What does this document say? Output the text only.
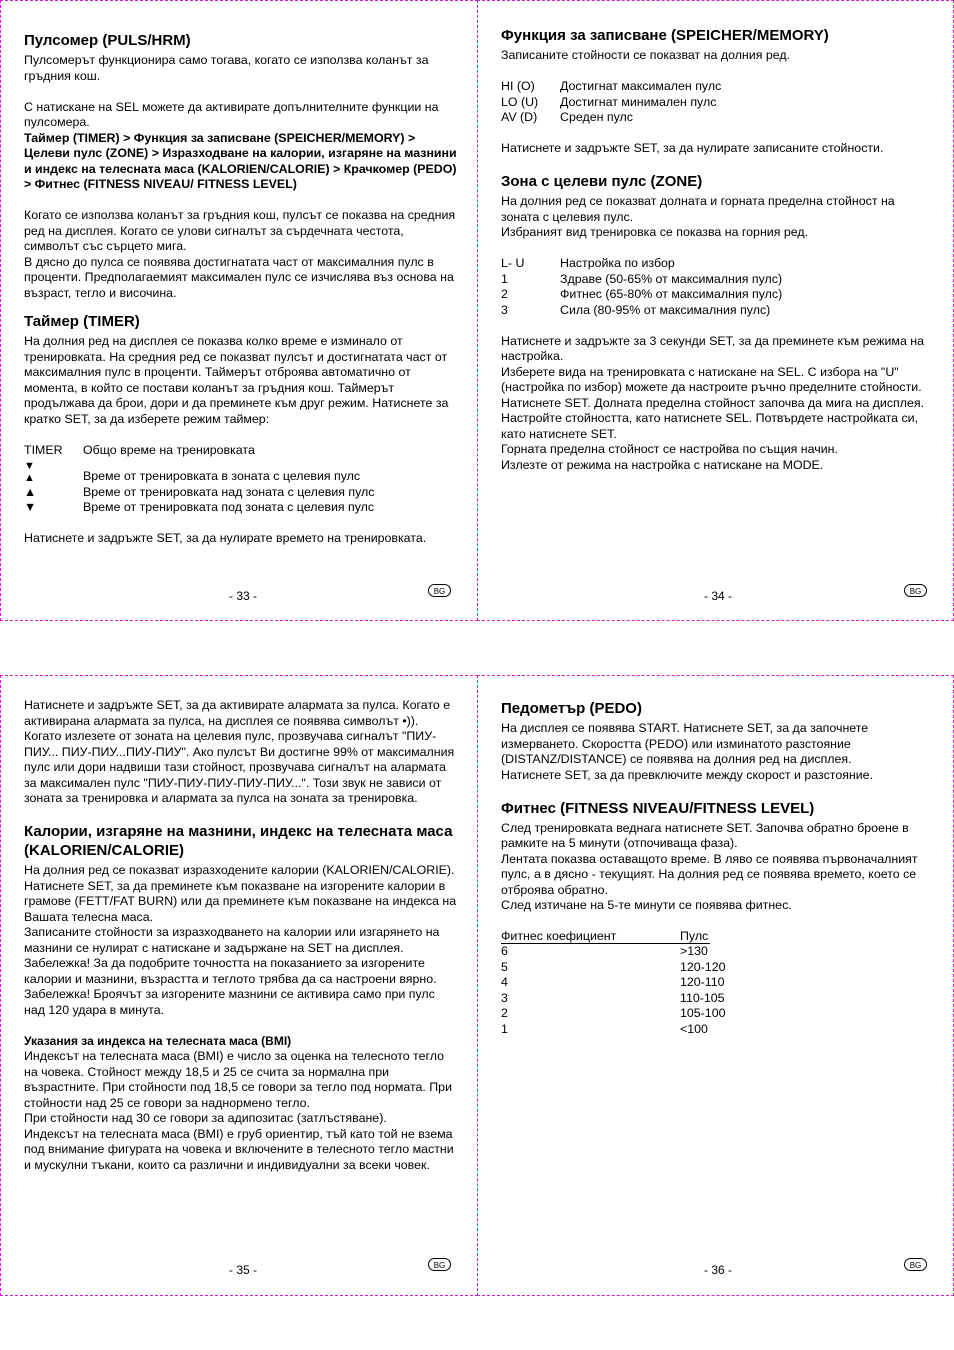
Пулсомер (PULS/HRM)

Пулсомерът функционира само тогава, когато се използва коланът за гръдния кош.

С натискане на SEL можете да активирате допълнителните функции на пулсомера.

Таймер (TIMER) > Функция за записване (SPEICHER/MEMORY) > Целеви пулс (ZONE) > Изразходване на калории, изгаряне на мазнини и индекс на телесната маса (KALORIEN/CALORIE) > Крачкомер (PEDO) > Фитнес (FITNESS NIVEAU/ FITNESS LEVEL)

Когато се използва коланът за гръдния кош, пулсът се показва на средния ред на дисплея. Когато се улови сигналът за сърдечната честота, символът със сърцето мига.

В дясно до пулса се появява достигнатата част от максималния пулс в проценти. Предполагаемият максимален пулс се изчислява въз основа на възраст, тегло и височина.

Таймер (TIMER)

На долния ред на дисплея се показва колко време е изминало от тренировката. На средния ред се показват пулсът и достигнатата част от максималния пулс в проценти. Таймерът отброява автоматично от момента, в който се постави коланът за гръдния кош. Таймерът продължава да брои, дори и да преминете към друг режим. Натиснете за кратко SET, за да изберете режим таймер:

TIMER	Общо време на тренировката
▼
▲	Време от тренировката в зоната с целевия пулс
▲	Време от тренировката над зоната с целевия пулс
▼	Време от тренировката под зоната с целевия пулс

Натиснете и задръжте SET, за да нулирате времето на тренировката.

- 33 -	BG
Функция за записване (SPEICHER/MEMORY)

Записаните стойности се показват на долния ред.

HI (O)	Достигнат максимален пулс
LO (U)	Достигнат минимален пулс
AV (D)	Среден пулс

Натиснете и задръжте SET, за да нулирате записаните стойности.

Зона с целеви пулс (ZONE)

На долния ред се показват долната и горната пределна стойност на зоната с целевия пулс.

Избраният вид тренировка се показва на горния ред.

L- U	Настройка по избор
1	Здраве (50-65% от максималния пулс)
2	Фитнес (65-80% от максималния пулс)
3	Сила (80-95% от максималния пулс)

Натиснете и задръжте за 3 секунди SET, за да преминете към режима на настройка.

Изберете вида на тренировката с натискане на SEL. С избора на "U" (настройка по избор) можете да настроите ръчно пределните стойности.

Натиснете SET. Долната пределна стойност започва да мига на дисплея. Настройте стойността, като натиснете SEL. Потвърдете настройката си, като натиснете SET.

Горната пределна стойност се настройва по същия начин.

Излезте от режима на настройка с натискане на MODE.

- 34 -	BG

Натиснете и задръжте SET, за да активирате алармата за пулса. Когато е активирана алармата за пулса, на дисплея се появява символът •)). Когато излезете от зоната на целевия пулс, прозвучава сигналът "ПИУ-ПИУ... ПИУ-ПИУ...ПИУ-ПИУ". Ако пулсът Ви достигне 99% от максималния пулс или дори надвиши тази стойност, прозвучава сигналът на алармата за максимален пулс "ПИУ-ПИУ-ПИУ-ПИУ-ПИУ...". Този звук не зависи от зоната за тренировка и алармата за пулса на зоната за тренировка.

Калории, изгаряне на мазнини, индекс на телесната маса (KALORIEN/CALORIE)

На долния ред се показват изразходените калории (KALORIEN/CALORIE). Натиснете SET, за да преминете към показване на изгорените калории в грамове (FETT/FAT BURN) или да преминете към показване на индекса на Вашата телесна маса.

Записаните стойности за изразходването на калории или изгарянето на мазнини се нулират с натискане и задържане на SET на дисплея.

Забележка! За да подобрите точността на показанието за изгорените калории и мазнини, възрастта и теглото трябва да са настроени вярно.

Забележка! Броячът за изгорените мазнини се активира само при пулс над 120 удара в минута.

Указания за индекса на телесната маса (BMI)

Индексът на телесната маса (BMI) е число за оценка на телесното тегло на човека. Стойност между 18,5 и 25 се счита за нормална при възрастните. При стойности под 18,5 се говори за тегло под нормата. При стойности над 25 се говори за наднормено тегло.

При стойности над 30 се говори за адипозитас (затлъстяване).

Индексът на телесната маса (BMI) е груб ориентир, тъй като той не взема под внимание фигурата на човека и включените в телесното тегло мастни и мускулни тъкани, които са различни и индивидуални за всеки човек.

- 35 -	BG
Педометър (PEDO)

На дисплея се появява START. Натиснете SET, за да започнете измерването. Скоростта (PEDO) или изминатото разстояние (DISTANZ/DISTANCE) се появява на долния ред на дисплея.

Натиснете SET, за да превключите между скорост и разстояние.

Фитнес (FITNESS NIVEAU/FITNESS LEVEL)

След тренировката веднага натиснете SET. Започва обратно броене в рамките на 5 минути (отпочиваща фаза).

Лентата показва оставащото време. В ляво се появява първоначалният пулс, а в дясно - текущият. На долния ред се появява времето, което се отброява обратно.

След изтичане на 5-те минути се появява фитнес.

Фитнес коефициент	Пулс
6	>130
5	120-120
4	120-110
3	110-105
2	105-100
1	<100
- 36 -	BG
